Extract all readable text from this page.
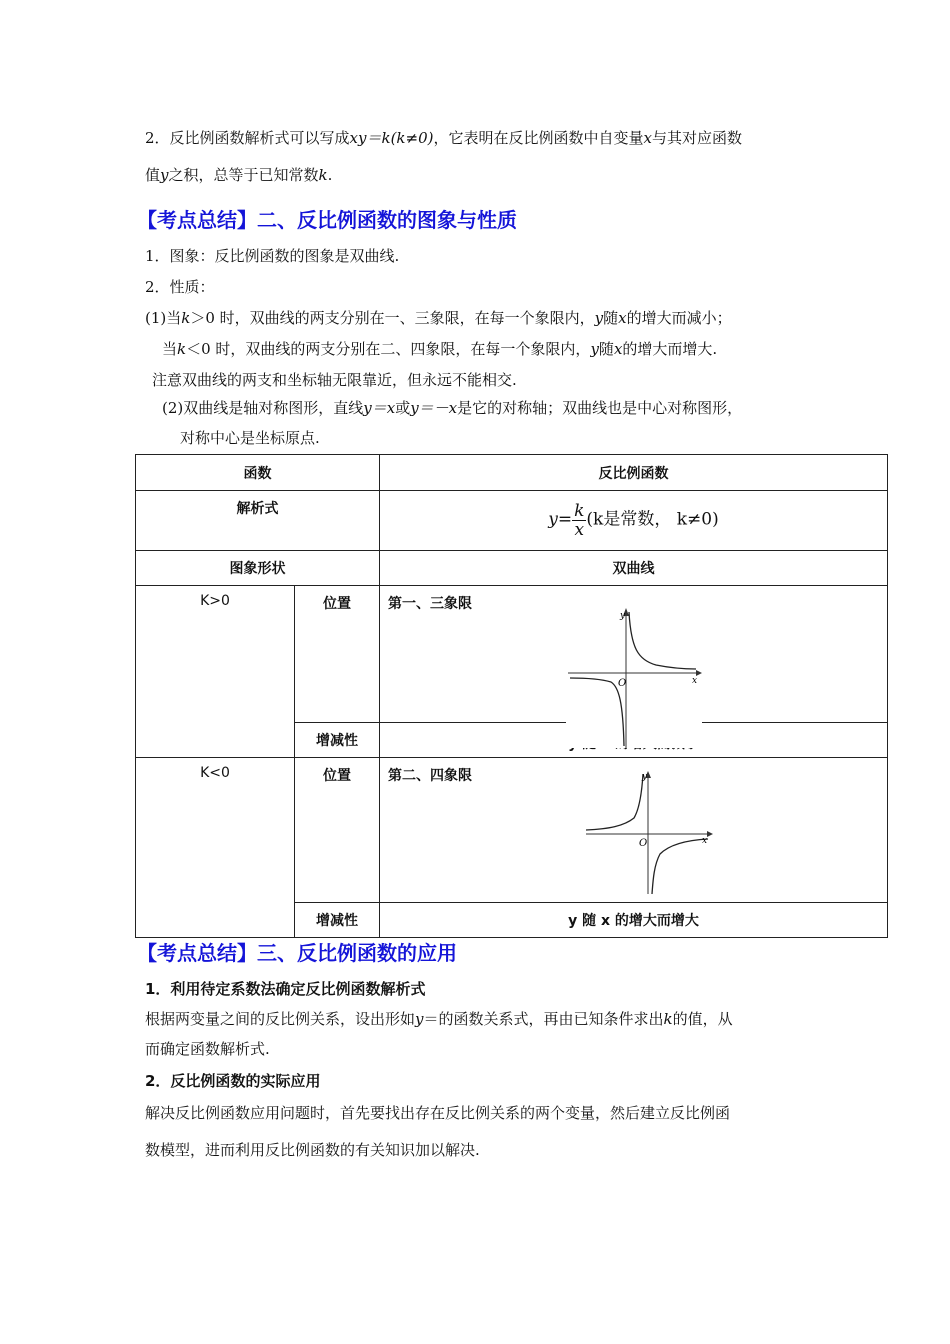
2．反比例函数解析式可以写成xy＝k(k≠0)，它表明在反比例函数中自变量x与其对应函数
值y之积，总等于已知常数k.
【考点总结】二、反比例函数的图象与性质
1．图象：反比例函数的图象是双曲线.
2．性质：
(1)当k＞0 时，双曲线的两支分别在一、三象限，在每一个象限内，y随x的增大而减小；
当k＜0 时，双曲线的两支分别在二、四象限，在每一个象限内，y随x的增大而增大.
注意双曲线的两支和坐标轴无限靠近，但永远不能相交.
(2)双曲线是轴对称图形，直线y＝x或y＝－x是它的对称轴；双曲线也是中心对称图形，
对称中心是坐标原点.
函数		反比例函数
解析式		$y= \frac{k}{x} (k$是常数， k≠0)
图象形状		双曲线
K>0	位置	第一、三象限
	增减性	
K<0	位置	第二、四象限
	增减性	y 随 x 的增大而增大
y
x
O
y
x
O
【考点总结】三、反比例函数的应用
1．利用待定系数法确定反比例函数解析式
根据两变量之间的反比例关系，设出形如y＝的函数关系式，再由已知条件求出k的值，从
而确定函数解析式.
2．反比例函数的实际应用
解决反比例函数应用问题时，首先要找出存在反比例关系的两个变量，然后建立反比例函
数模型，进而利用反比例函数的有关知识加以解决.
